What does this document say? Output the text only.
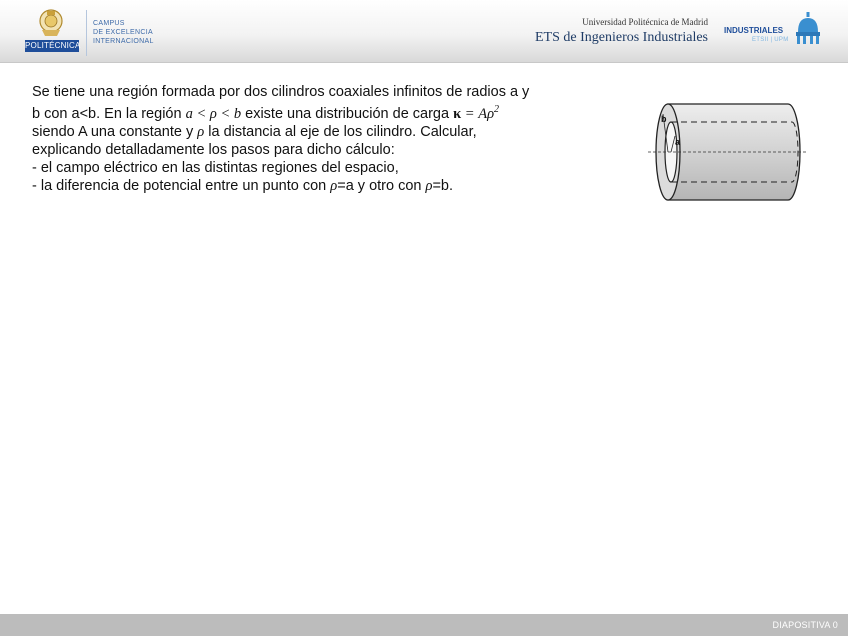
POLITÉCNICA
CAMPUS
DE EXCELENCIA
INTERNACIONAL
Universidad Politécnica de Madrid
ETS de Ingenieros Industriales INDUSTRIALES
ETSII | UPM

Se tiene una región formada por dos cilindros coaxiales infinitos de radios a y

b con a<b. En la región a < ρ < b existe una distribución de carga $\kappa = A\rho^2$

siendo A una constante y ρ la distancia al eje de los cilindro. Calcular,

explicando detalladamente los pasos para dicho cálculo:

- el campo eléctrico en las distintas regiones del espacio,

- la diferencia de potencial entre un punto con ρ=a y otro con ρ=b.

b
a
DIAPOSITIVA 0
